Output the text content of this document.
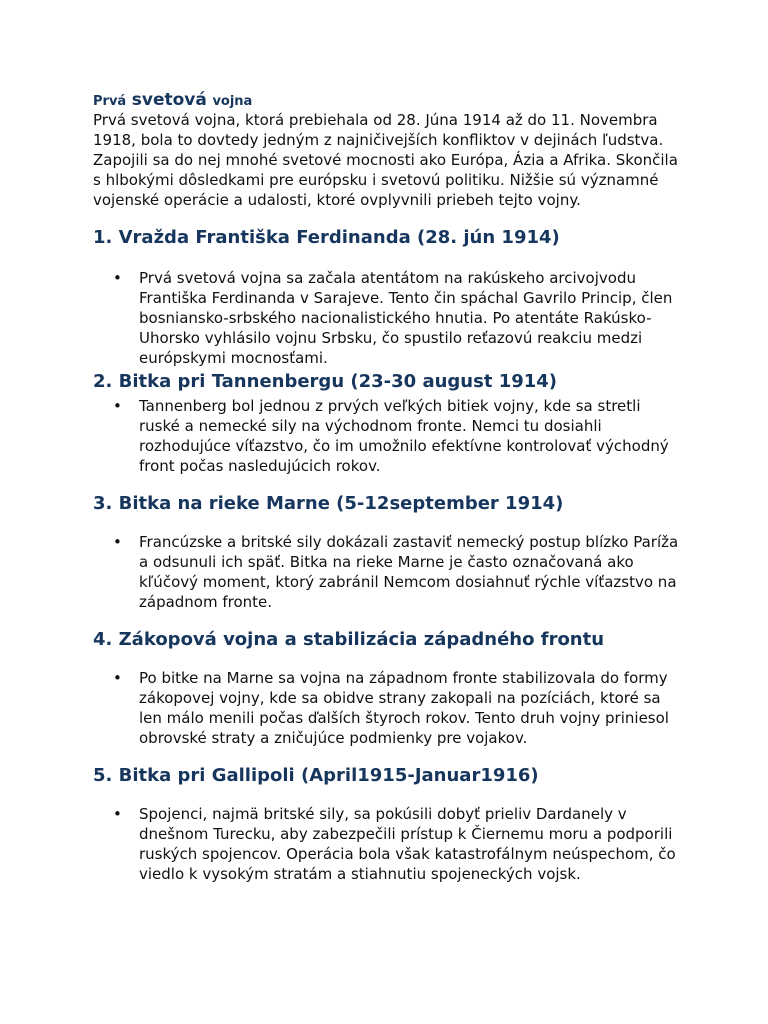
Prvá svetová vojna

Prvá svetová vojna, ktorá prebiehala od 28. Júna 1914 až do 11. Novembra 1918, bola to dovtedy jedným z najničivejších konfliktov v dejinách ľudstva. Zapojili sa do nej mnohé svetové mocnosti ako Európa, Ázia a Afrika. Skončila s hlbokými dôsledkami pre európsku i svetovú politiku. Nižšie sú významné vojenské operácie a udalosti, ktoré ovplyvnili priebeh tejto vojny.

1. Vražda Františka Ferdinanda (28. jún 1914)
• Prvá svetová vojna sa začala atentátom na rakúskeho arcivojvodu Františka Ferdinanda v Sarajeve. Tento čin spáchal Gavrilo Princip, člen bosniansko-srbského nacionalistického hnutia. Po atentáte Rakúsko-Uhorsko vyhlásilo vojnu Srbsku, čo spustilo reťazovú reakciu medzi európskymi mocnosťami.
2. Bitka pri Tannenbergu (23-30 august 1914)
• Tannenberg bol jednou z prvých veľkých bitiek vojny, kde sa stretli ruské a nemecké sily na východnom fronte. Nemci tu dosiahli rozhodujúce víťazstvo, čo im umožnilo efektívne kontrolovať východný front počas nasledujúcich rokov.
3. Bitka na rieke Marne (5-12september 1914)
• Francúzske a britské sily dokázali zastaviť nemecký postup blízko Paríža a odsunuli ich späť. Bitka na rieke Marne je často označovaná ako kľúčový moment, ktorý zabránil Nemcom dosiahnuť rýchle víťazstvo na západnom fronte.
4. Zákopová vojna a stabilizácia západného frontu
• Po bitke na Marne sa vojna na západnom fronte stabilizovala do formy zákopovej vojny, kde sa obidve strany zakopali na pozíciách, ktoré sa len málo menili počas ďalších štyroch rokov. Tento druh vojny priniesol obrovské straty a zničujúce podmienky pre vojakov.
5. Bitka pri Gallipoli (April1915-Januar1916)
• Spojenci, najmä britské sily, sa pokúsili dobyť prieliv Dardanely v dnešnom Turecku, aby zabezpečili prístup k Čiernemu moru a podporili ruských spojencov. Operácia bola však katastrofálnym neúspechom, čo viedlo k vysokým stratám a stiahnutiu spojeneckých vojsk.
